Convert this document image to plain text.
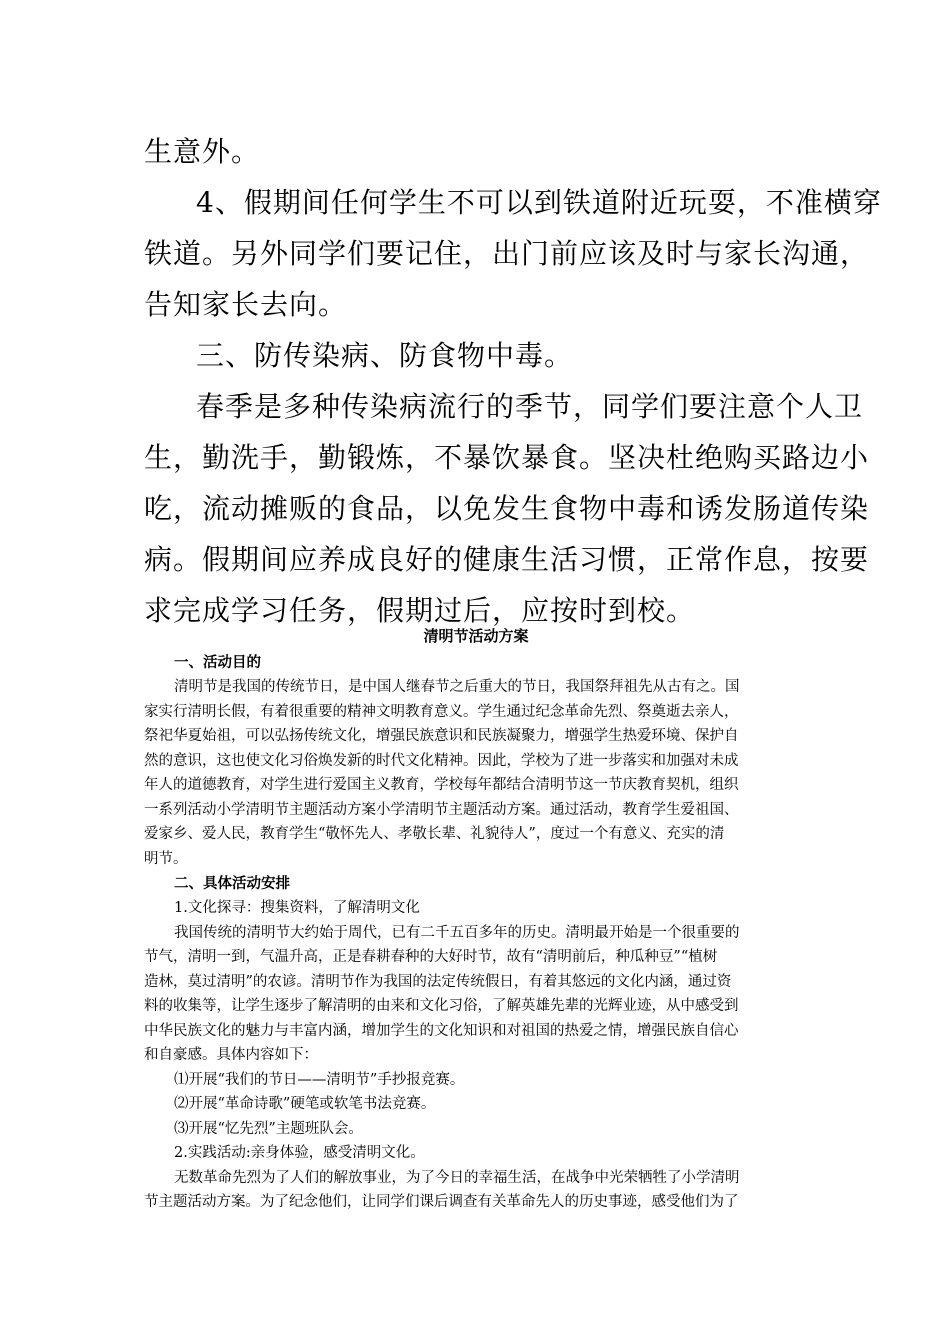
生意外。
4、假期间任何学生不可以到铁道附近玩耍，不准横穿
铁道。另外同学们要记住，出门前应该及时与家长沟通，
告知家长去向。
三、防传染病、防食物中毒。
春季是多种传染病流行的季节，同学们要注意个人卫
生，勤洗手，勤锻炼，不暴饮暴食。坚决杜绝购买路边小
吃，流动摊贩的食品，以免发生食物中毒和诱发肠道传染
病。假期间应养成良好的健康生活习惯，正常作息，按要
求完成学习任务，假期过后，应按时到校。
清明节活动方案
一、活动目的
清明节是我国的传统节日，是中国人继春节之后重大的节日，我国祭拜祖先从古有之。国
家实行清明长假，有着很重要的精神文明教育意义。学生通过纪念革命先烈、祭奠逝去亲人，
祭祀华夏始祖，可以弘扬传统文化，增强民族意识和民族凝聚力，增强学生热爱环境、保护自
然的意识，这也使文化习俗焕发新的时代文化精神。因此，学校为了进一步落实和加强对未成
年人的道德教育，对学生进行爱国主义教育，学校每年都结合清明节这一节庆教育契机，组织
一系列活动小学清明节主题活动方案小学清明节主题活动方案。通过活动，教育学生爱祖国、
爱家乡、爱人民，教育学生“敬怀先人、孝敬长辈、礼貌待人”，度过一个有意义、充实的清
明节。
二、具体活动安排
1.文化探寻：搜集资料，了解清明文化
我国传统的清明节大约始于周代，已有二千五百多年的历史。清明最开始是一个很重要的
节气，清明一到，气温升高，正是春耕春种的大好时节，故有“清明前后，种瓜种豆”“植树
造林，莫过清明”的农谚。清明节作为我国的法定传统假日，有着其悠远的文化内涵，通过资
料的收集等，让学生逐步了解清明的由来和文化习俗，了解英雄先辈的光辉业迹，从中感受到
中华民族文化的魅力与丰富内涵，增加学生的文化知识和对祖国的热爱之情，增强民族自信心
和自豪感。具体内容如下：
⑴开展“我们的节日——清明节”手抄报竞赛。
⑵开展“革命诗歌”硬笔或软笔书法竞赛。
⑶开展“忆先烈”主题班队会。
2.实践活动:亲身体验，感受清明文化。
无数革命先烈为了人们的解放事业，为了今日的幸福生活，在战争中光荣牺牲了小学清明
节主题活动方案。为了纪念他们，让同学们课后调查有关革命先人的历史事迹，感受他们为了
